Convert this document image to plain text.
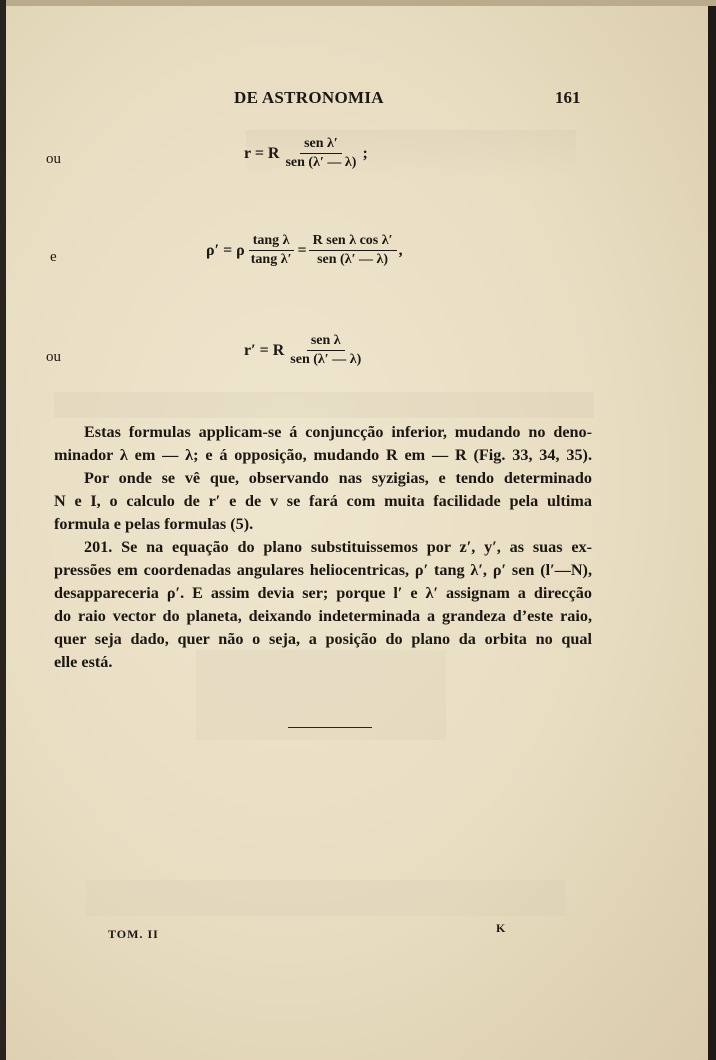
DE ASTRONOMIA	161
ou	r = R $\frac{\text{sen λ′}}{\text{sen (λ′ — λ)}}$ ;
e	ρ′ = ρ $\frac{\text{tang λ}}{\text{tang λ′}} = \frac{\text{R sen λ cos λ′}}{\text{sen (λ′ — λ)}}$ ,
ou	r′ = R $\frac{\text{sen λ}}{\text{sen (λ′ — λ)}}$
Estas formulas applicam-se á conjuncção inferior, mudando no deno-
minador λ em — λ; e á opposição, mudando R em — R (Fig. 33, 34, 35).
Por onde se vê que, observando nas syzigias, e tendo determinado
N e I, o calculo de r′ e de v se fará com muita facilidade pela ultima
formula e pelas formulas (5).
201. Se na equação do plano substituissemos por z′, y′, as suas ex-
pressões em coordenadas angulares heliocentricas, ρ′ tang λ′, ρ′ sen (l′—N),
desappareceria ρ′. E assim devia ser; porque l′ e λ′ assignam a direcção
do raio vector do planeta, deixando indeterminada a grandeza d’este raio,
quer seja dado, quer não o seja, a posição do plano da orbita no qual
elle está.
TOM. II	K
